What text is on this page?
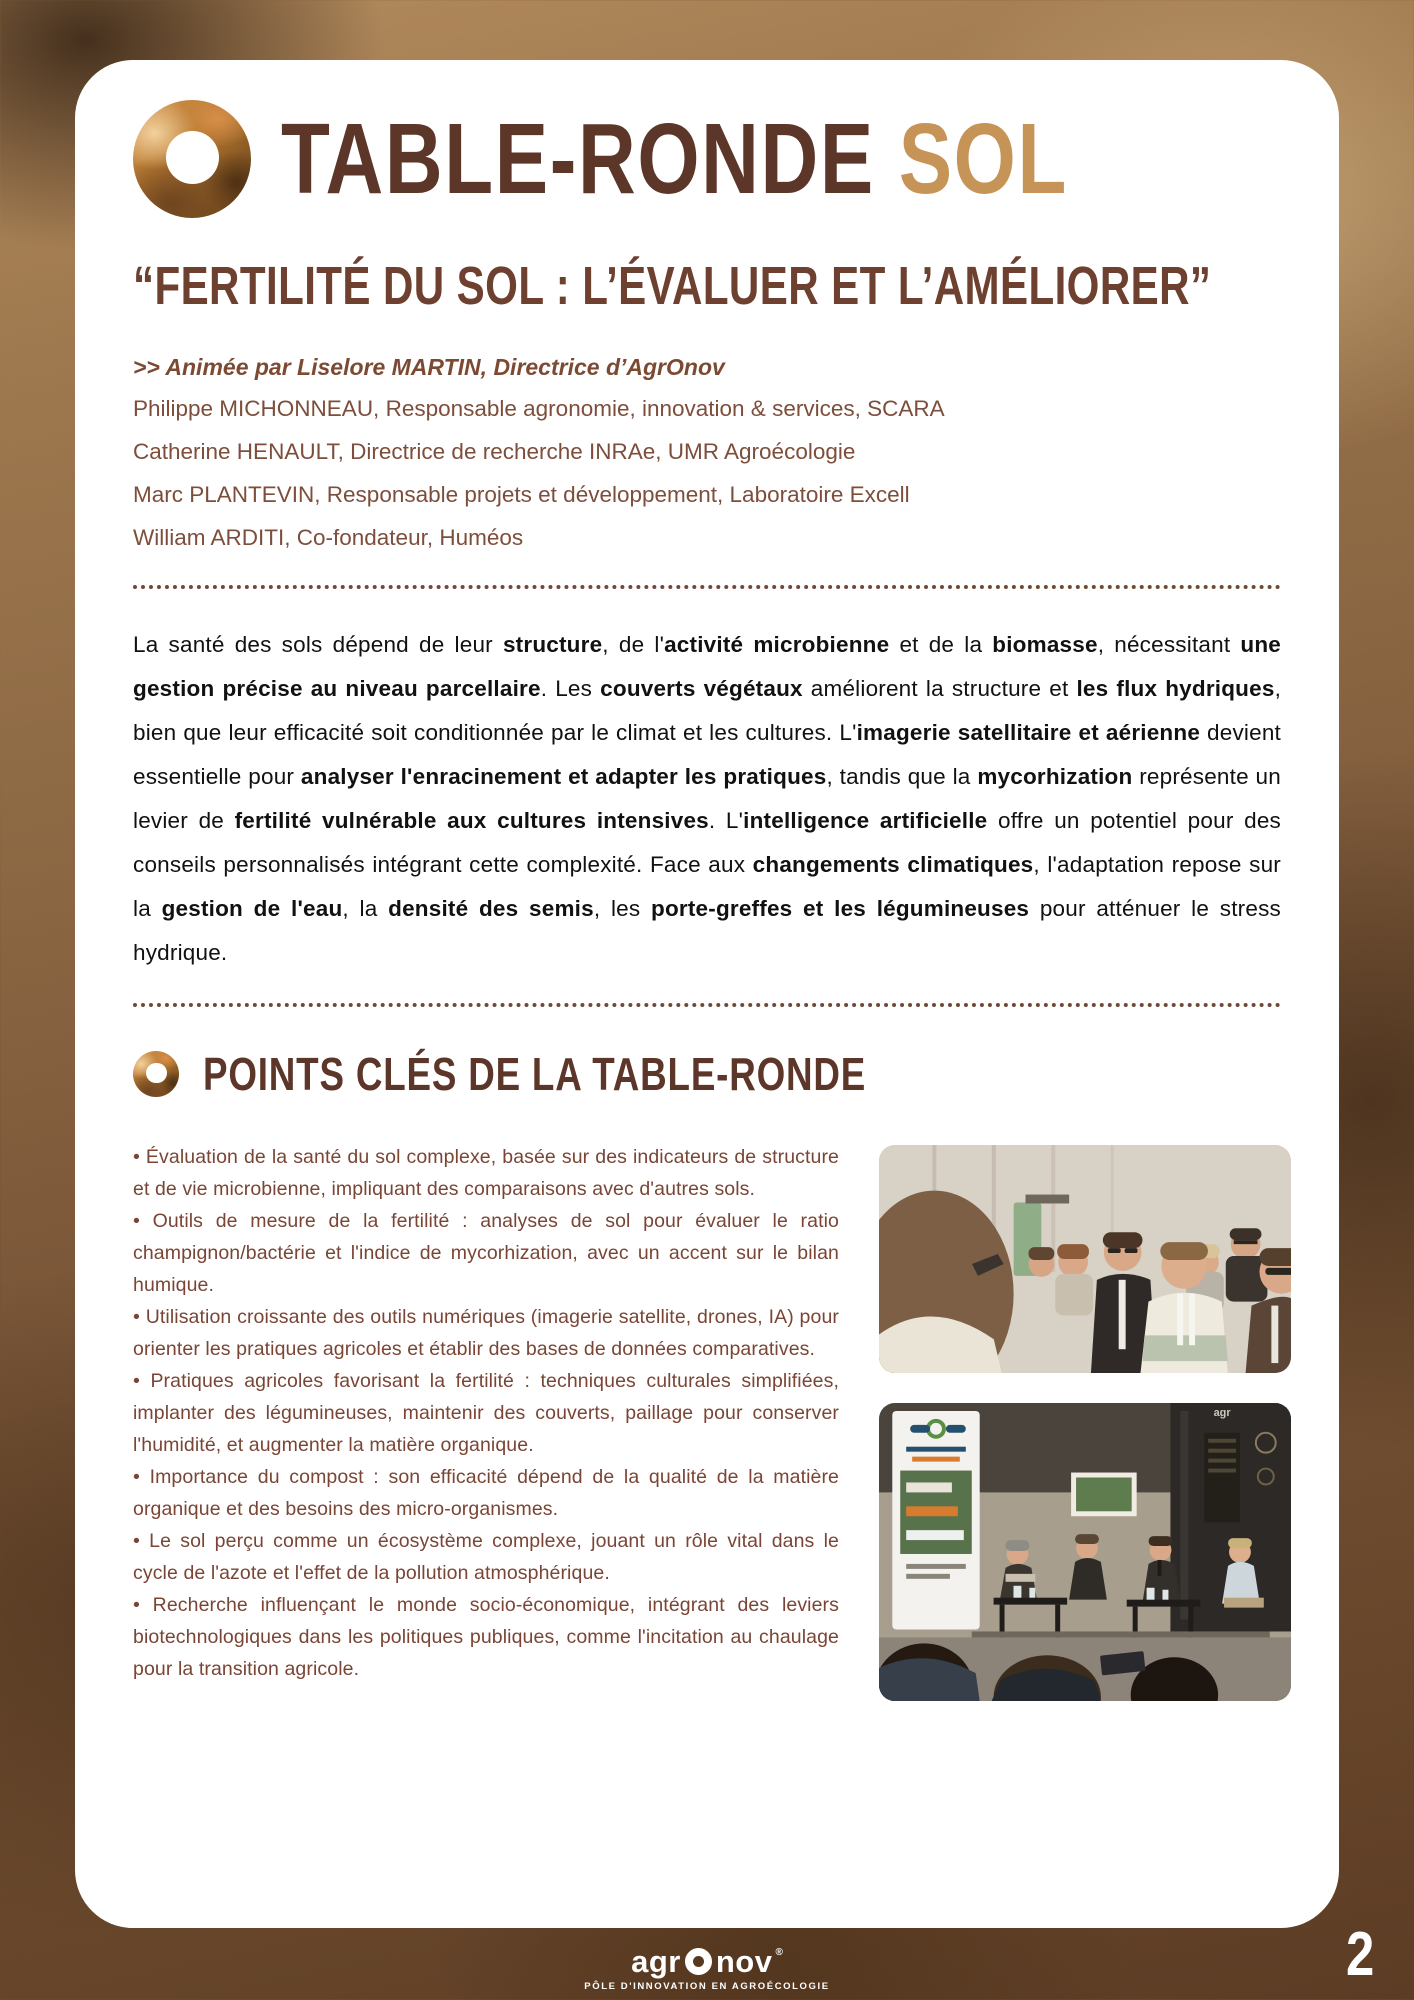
TABLE-RONDE SOL
“FERTILITÉ DU SOL : L’ÉVALUER ET L’AMÉLIORER”
>> Animée par Liselore MARTIN, Directrice d’AgrOnov
Philippe MICHONNEAU, Responsable agronomie, innovation & services, SCARA
Catherine HENAULT, Directrice de recherche INRAe, UMR Agroécologie
Marc PLANTEVIN, Responsable projets et développement, Laboratoire Excell
William ARDITI, Co-fondateur, Huméos

La santé des sols dépend de leur structure, de l'activité microbienne et de la biomasse, nécessitant une gestion précise au niveau parcellaire. Les couverts végétaux améliorent la structure et les flux hydriques, bien que leur efficacité soit conditionnée par le climat et les cultures. L'imagerie satellitaire et aérienne devient essentielle pour analyser l'enracinement et adapter les pratiques, tandis que la mycorhization représente un levier de fertilité vulnérable aux cultures intensives. L'intelligence artificielle offre un potentiel pour des conseils personnalisés intégrant cette complexité. Face aux changements climatiques, l'adaptation repose sur la gestion de l'eau, la densité des semis, les porte-greffes et les légumineuses pour atténuer le stress hydrique.

POINTS CLÉS DE LA TABLE-RONDE

• Évaluation de la santé du sol complexe, basée sur des indicateurs de structure et de vie microbienne, impliquant des comparaisons avec d'autres sols.

• Outils de mesure de la fertilité : analyses de sol pour évaluer le ratio champignon/bactérie et l'indice de mycorhization, avec un accent sur le bilan humique.

• Utilisation croissante des outils numériques (imagerie satellite, drones, IA) pour orienter les pratiques agricoles et établir des bases de données comparatives.

• Pratiques agricoles favorisant la fertilité : techniques culturales simplifiées, implanter des légumineuses, maintenir des couverts, paillage pour conserver l'humidité, et augmenter la matière organique.

• Importance du compost : son efficacité dépend de la qualité de la matière organique et des besoins des micro-organismes.

• Le sol perçu comme un écosystème complexe, jouant un rôle vital dans le cycle de l'azote et l'effet de la pollution atmosphérique.

• Recherche influençant le monde socio-économique, intégrant des leviers biotechnologiques dans les politiques publiques, comme l'incitation au chaulage pour la transition agricole.

agr
agr nov ®
PÔLE D'INNOVATION EN AGROÉCOLOGIE	2
